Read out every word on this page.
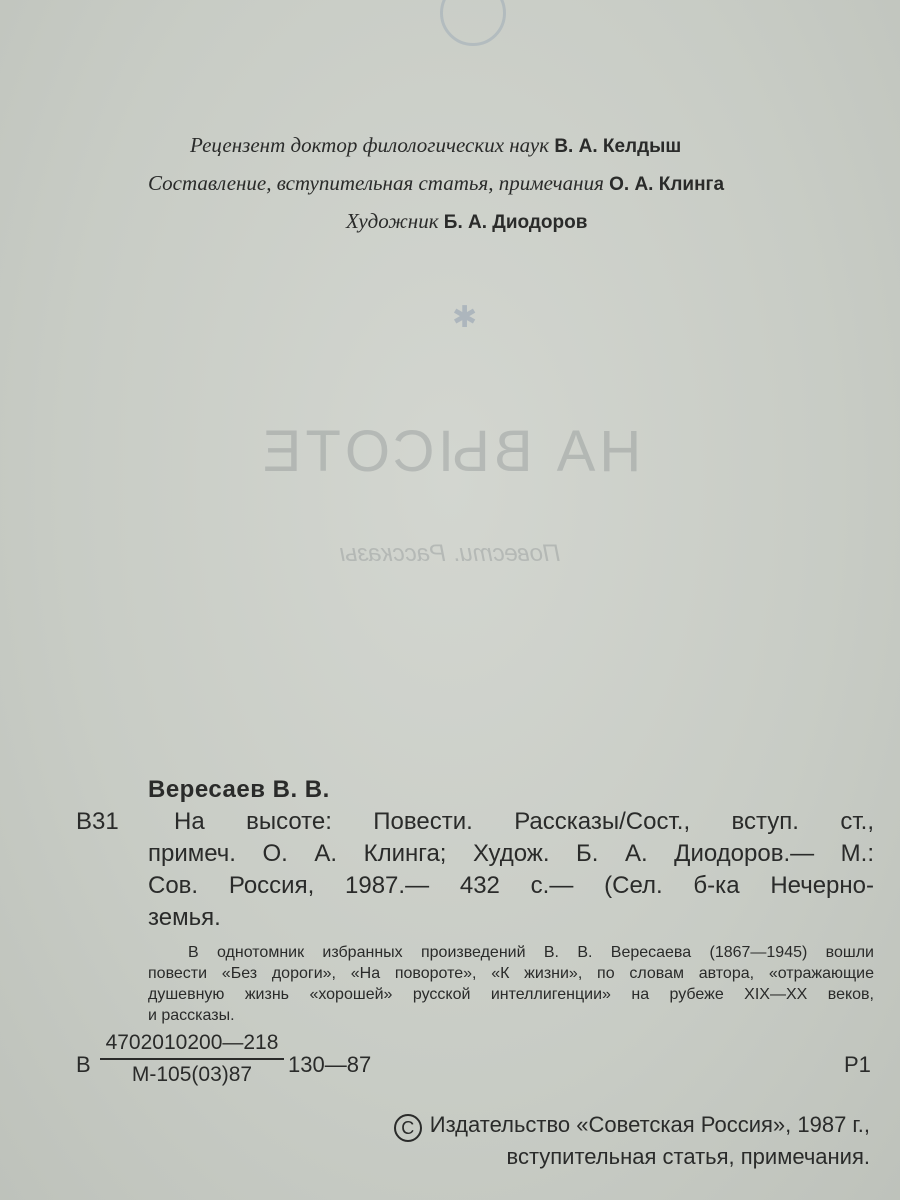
✱
НА ВЫСОТЕ
Повести. Рассказы
Рецензент доктор филологических наук В. А. Келдыш
Составление, вступительная статья, примечания О. А. Клинга
Художник Б. А. Диодоров
Вересаев В. В.
В31	На высоте: Повести. Рассказы/Сост., вступ. ст.,
примеч. О. А. Клинга; Худож. Б. А. Диодоров.— М.:
Сов. Россия, 1987.— 432 с.— (Сел. б-ка Нечерно-
земья.
В однотомник избранных произведений В. В. Вересаева (1867—1945) вошли
повести «Без дороги», «На повороте», «К жизни», по словам автора, «отражающие
душевную жизнь «хорошей» русской интеллигенции» на рубеже XIX—XX веков,
и рассказы.
В
4702010200—218
М-105(03)87	130—87	Р1
С Издательство «Советская Россия», 1987 г.,
вступительная статья, примечания.
